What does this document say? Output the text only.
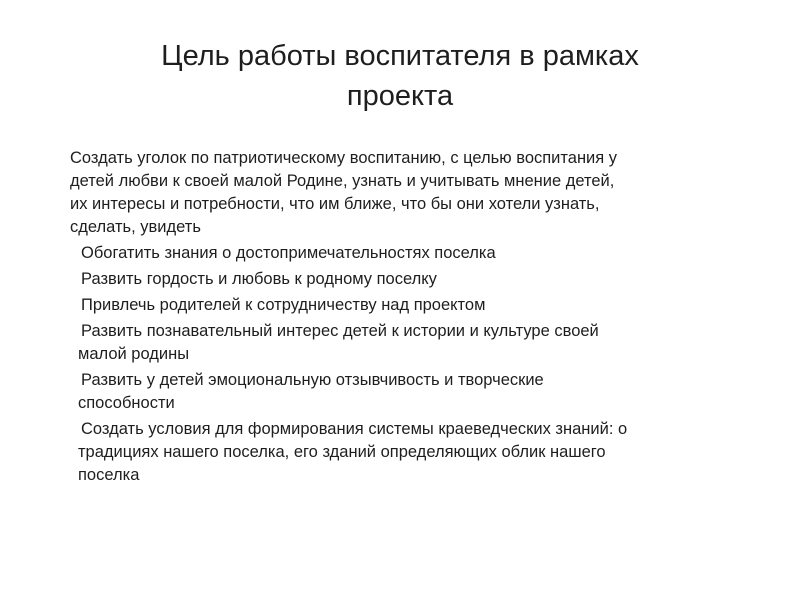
Цель работы воспитателя в рамках
проекта

Создать уголок по патриотическому воспитанию, с целью воспитания у
детей любви к своей малой Родине, узнать и учитывать мнение детей,
их интересы и потребности, что им ближе, что бы они хотели узнать,
сделать, увидеть

Обогатить знания о достопримечательностях поселка

Развить гордость и любовь к родному поселку

Привлечь родителей к сотрудничеству над проектом

Развить познавательный интерес детей к истории и культуре своей
малой родины

Развить у детей эмоциональную отзывчивость и творческие
способности

Создать условия для формирования системы краеведческих знаний: о
традициях нашего поселка, его зданий определяющих облик нашего
поселка
